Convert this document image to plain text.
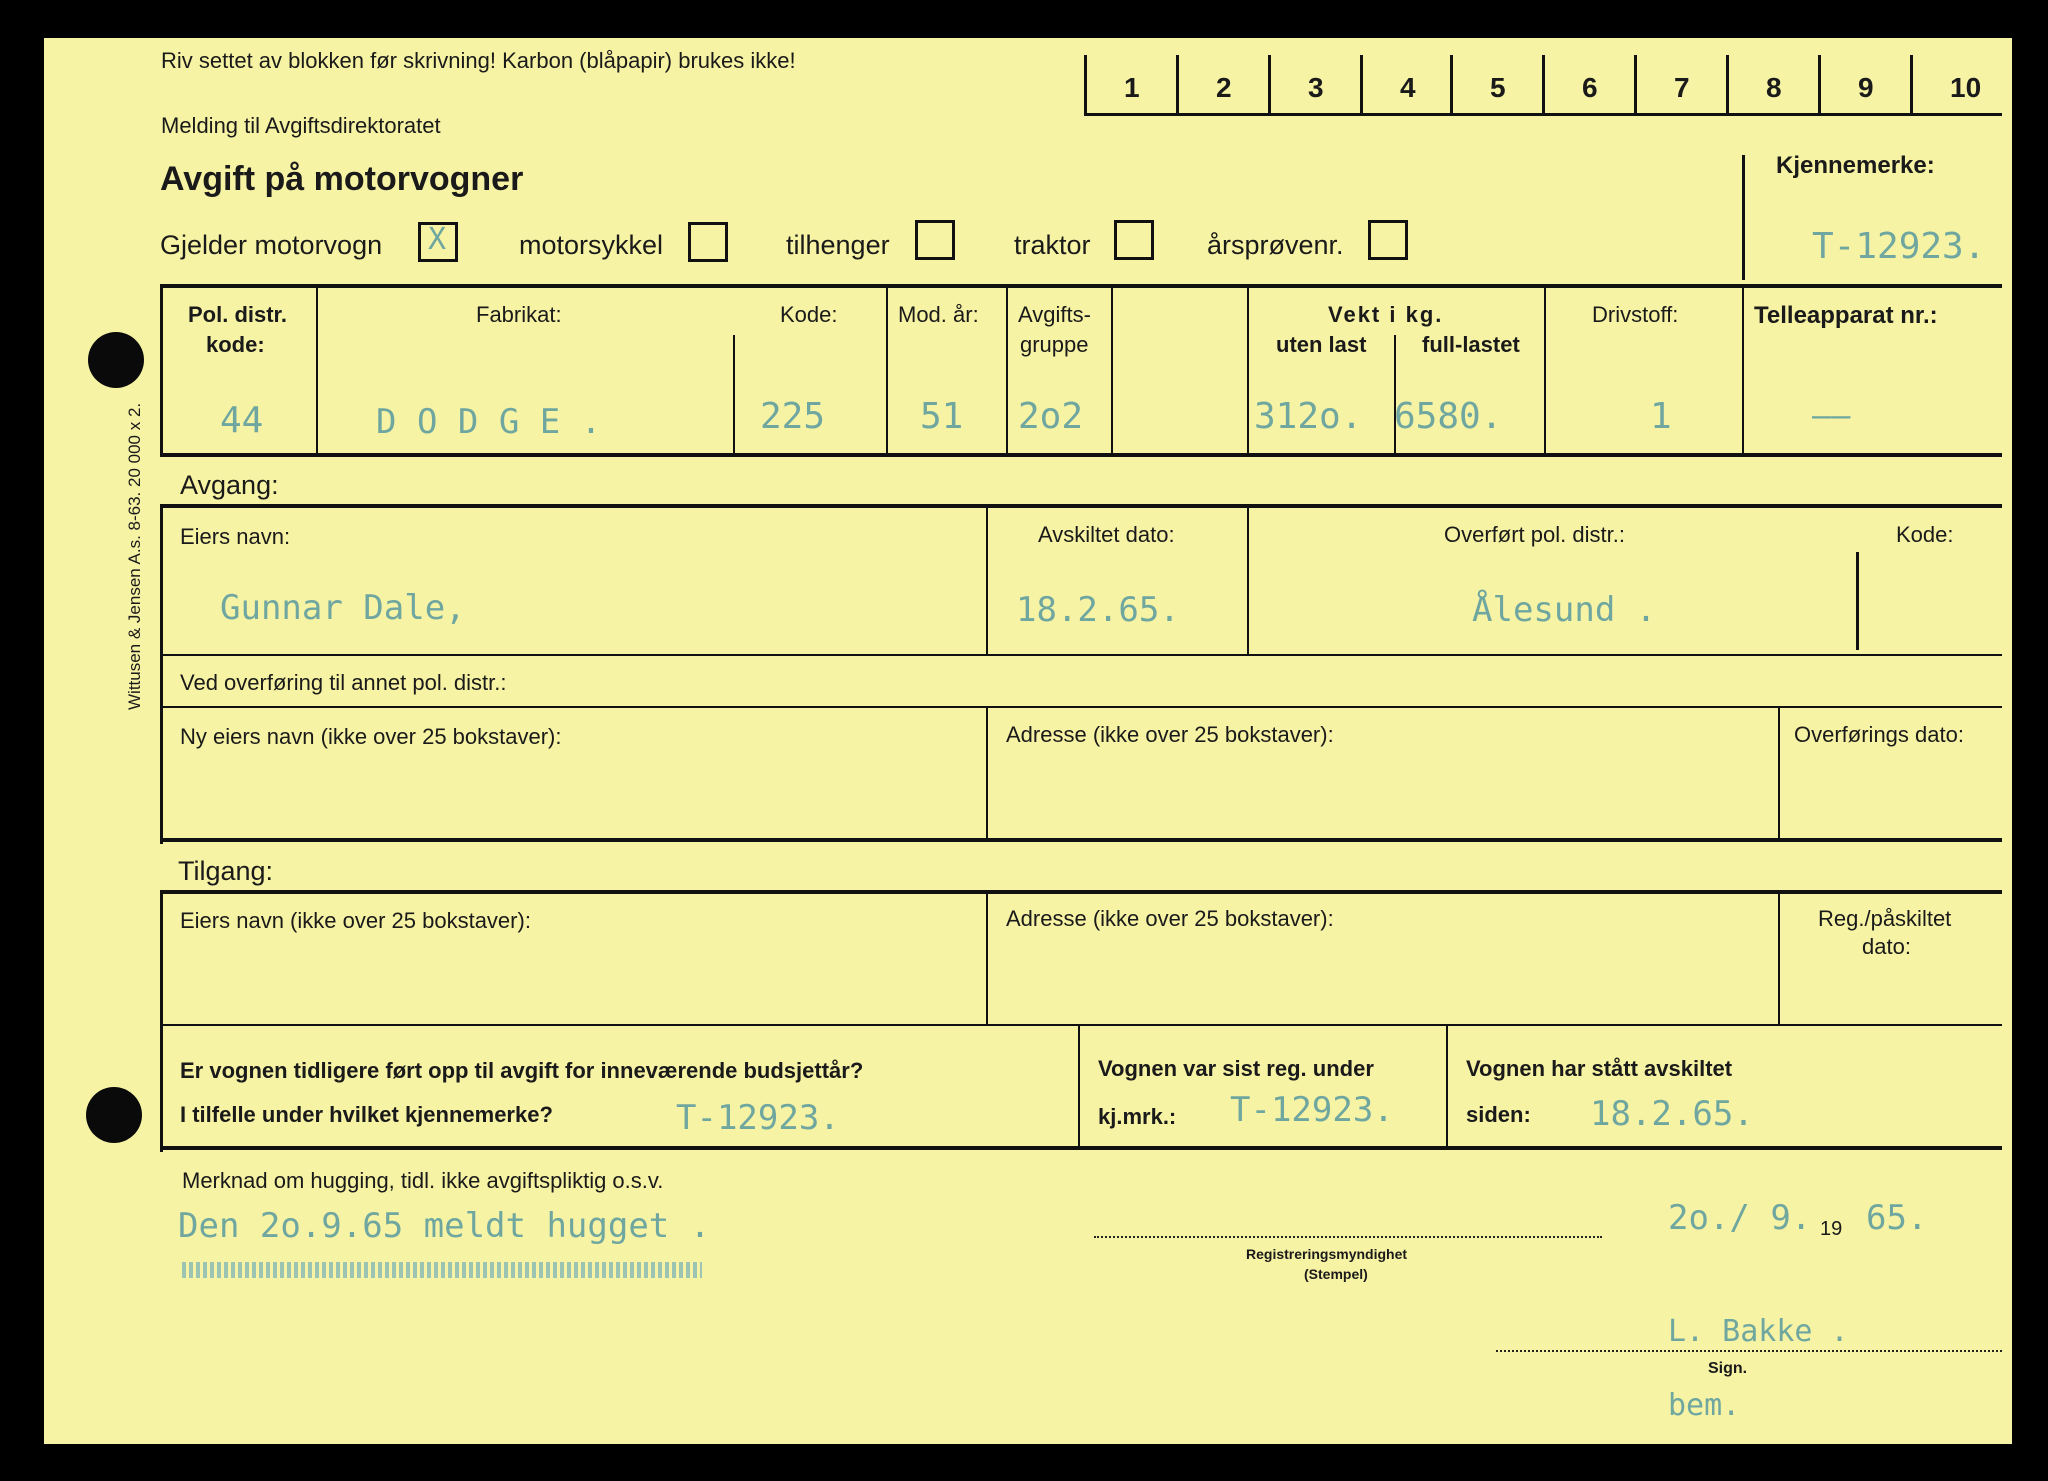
Wittusen & Jensen A.s. 8-63. 20 000 x 2.
Riv settet av blokken før skrivning! Karbon (blåpapir) brukes ikke!
Melding til Avgiftsdirektoratet
Avgift på motorvogner
Gjelder motorvogn X	motorsykkel	tilhenger	traktor	årsprøvenr.
Kjennemerke:
T-12923.
Pol. distr.
kode:
44
Fabrikat:
D O D G E .
Kode:
225
Mod. år:
51
Avgifts-
gruppe
2o2
Vekt i kg.
uten last	full-lastet
312o. 6580.
Drivstoff:
1
Telleapparat nr.:
——
Avgang:
Eiers navn:
Gunnar Dale,
Avskiltet dato:
18.2.65.
Overført pol. distr.:
Ålesund .
Kode:
Ved overføring til annet pol. distr.:
Ny eiers navn (ikke over 25 bokstaver):	Adresse (ikke over 25 bokstaver):	Overførings dato:
Tilgang:
Eiers navn (ikke over 25 bokstaver):	Adresse (ikke over 25 bokstaver):	Reg./påskiltet
dato:
Er vognen tidligere ført opp til avgift for inneværende budsjettår?
I tilfelle under hvilket kjennemerke?	T-12923.
Vognen var sist reg. under
kj.mrk.: T-12923.
Vognen har stått avskiltet
siden: 18.2.65.
Merknad om hugging, tidl. ikke avgiftspliktig o.s.v.
Den 2o.9.65 meldt hugget .
Registreringsmyndighet
(Stempel)
2o./ 9. 19 65.
L. Bakke .
Sign.
bem.
1	2	3	4	5	6	7	8	9	10
